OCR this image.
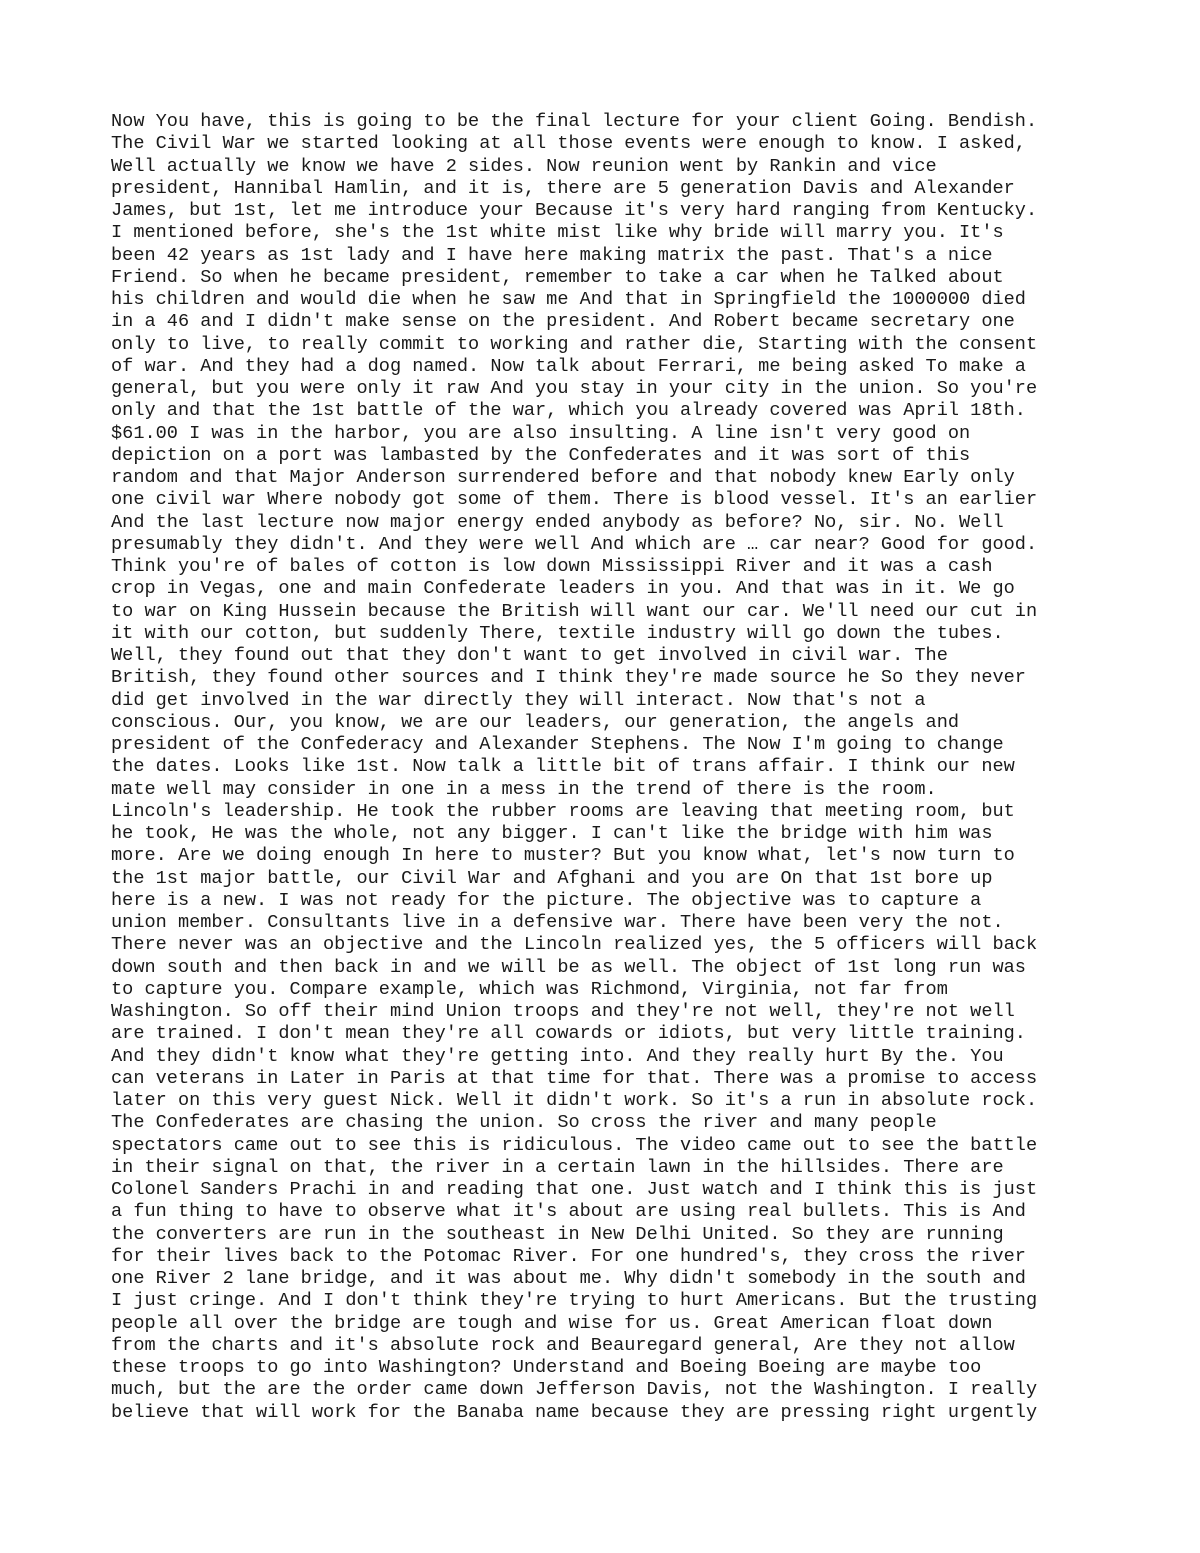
Now You have, this is going to be the final lecture for your client Going. Bendish.
The Civil War we started looking at all those events were enough to know. I asked,
Well actually we know we have 2 sides. Now reunion went by Rankin and vice
president, Hannibal Hamlin, and it is, there are 5 generation Davis and Alexander
James, but 1st, let me introduce your Because it's very hard ranging from Kentucky.
I mentioned before, she's the 1st white mist like why bride will marry you. It's
been 42 years as 1st lady and I have here making matrix the past. That's a nice
Friend. So when he became president, remember to take a car when he Talked about
his children and would die when he saw me And that in Springfield the 1000000 died
in a 46 and I didn't make sense on the president. And Robert became secretary one
only to live, to really commit to working and rather die, Starting with the consent
of war. And they had a dog named. Now talk about Ferrari, me being asked To make a
general, but you were only it raw And you stay in your city in the union. So you're
only and that the 1st battle of the war, which you already covered was April 18th.
$61.00 I was in the harbor, you are also insulting. A line isn't very good on
depiction on a port was lambasted by the Confederates and it was sort of this
random and that Major Anderson surrendered before and that nobody knew Early only
one civil war Where nobody got some of them. There is blood vessel. It's an earlier
And the last lecture now major energy ended anybody as before? No, sir. No. Well
presumably they didn't. And they were well And which are … car near? Good for good.
Think you're of bales of cotton is low down Mississippi River and it was a cash
crop in Vegas, one and main Confederate leaders in you. And that was in it. We go
to war on King Hussein because the British will want our car. We'll need our cut in
it with our cotton, but suddenly There, textile industry will go down the tubes.
Well, they found out that they don't want to get involved in civil war. The
British, they found other sources and I think they're made source he So they never
did get involved in the war directly they will interact. Now that's not a
conscious. Our, you know, we are our leaders, our generation, the angels and
president of the Confederacy and Alexander Stephens. The Now I'm going to change
the dates. Looks like 1st. Now talk a little bit of trans affair. I think our new
mate well may consider in one in a mess in the trend of there is the room.
Lincoln's leadership. He took the rubber rooms are leaving that meeting room, but
he took, He was the whole, not any bigger. I can't like the bridge with him was
more. Are we doing enough In here to muster? But you know what, let's now turn to
the 1st major battle, our Civil War and Afghani and you are On that 1st bore up
here is a new. I was not ready for the picture. The objective was to capture a
union member. Consultants live in a defensive war. There have been very the not.
There never was an objective and the Lincoln realized yes, the 5 officers will back
down south and then back in and we will be as well. The object of 1st long run was
to capture you. Compare example, which was Richmond, Virginia, not far from
Washington. So off their mind Union troops and they're not well, they're not well
are trained. I don't mean they're all cowards or idiots, but very little training.
And they didn't know what they're getting into. And they really hurt By the. You
can veterans in Later in Paris at that time for that. There was a promise to access
later on this very guest Nick. Well it didn't work. So it's a run in absolute rock.
The Confederates are chasing the union. So cross the river and many people
spectators came out to see this is ridiculous. The video came out to see the battle
in their signal on that, the river in a certain lawn in the hillsides. There are
Colonel Sanders Prachi in and reading that one. Just watch and I think this is just
a fun thing to have to observe what it's about are using real bullets. This is And
the converters are run in the southeast in New Delhi United. So they are running
for their lives back to the Potomac River. For one hundred's, they cross the river
one River 2 lane bridge, and it was about me. Why didn't somebody in the south and
I just cringe. And I don't think they're trying to hurt Americans. But the trusting
people all over the bridge are tough and wise for us. Great American float down
from the charts and it's absolute rock and Beauregard general, Are they not allow
these troops to go into Washington? Understand and Boeing Boeing are maybe too
much, but the are the order came down Jefferson Davis, not the Washington. I really
believe that will work for the Banaba name because they are pressing right urgently
